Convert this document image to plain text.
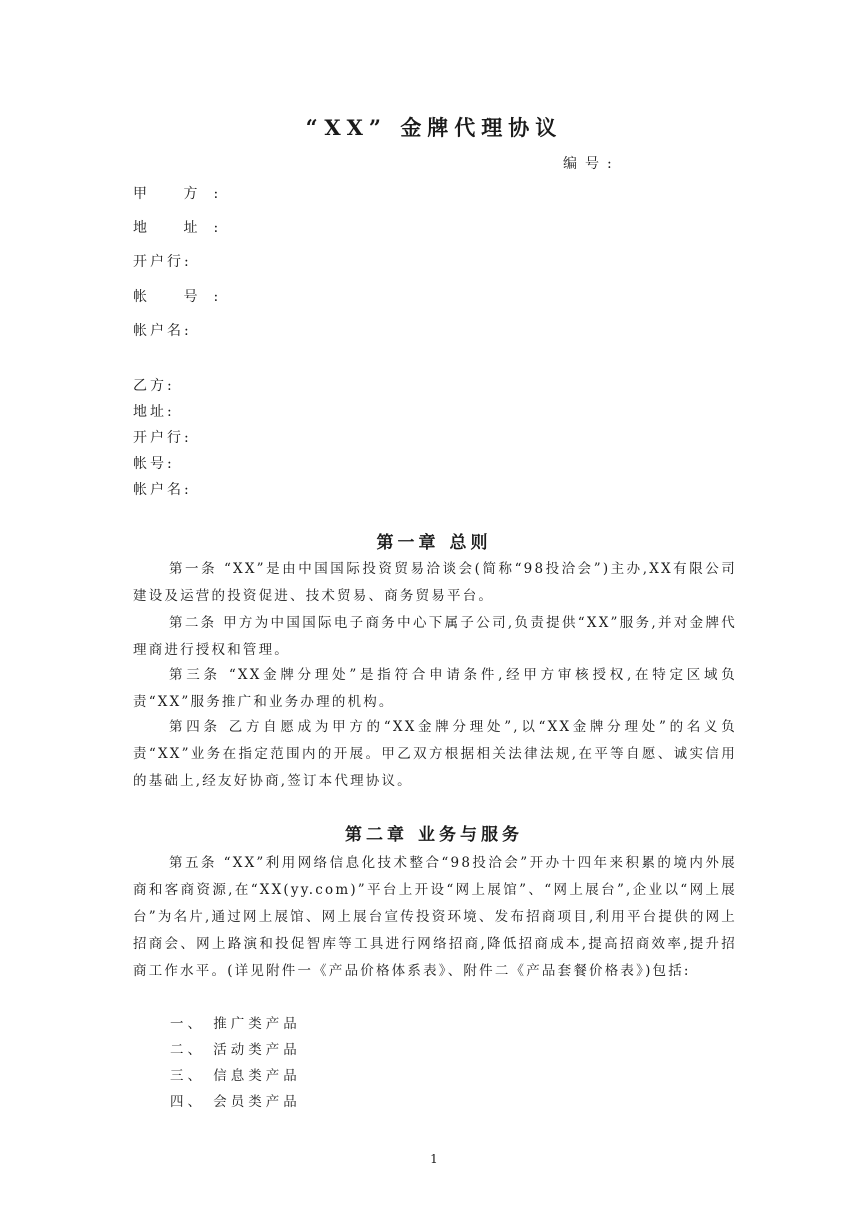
“XX” 金牌代理协议
编号:
甲 方:
地 址:
开户行:
帐 号:
帐户名:
乙方:
地址:
开户行:
帐号:
帐户名:
第一章 总则
第一条 “XX”是由中国国际投资贸易洽谈会(简称“98投洽会”)主办,XX有限公司建设及运营的投资促进、技术贸易、商务贸易平台。
第二条 甲方为中国国际电子商务中心下属子公司,负责提供“XX”服务,并对金牌代理商进行授权和管理。
第三条 “XX金牌分理处”是指符合申请条件,经甲方审核授权,在特定区域负责“XX”服务推广和业务办理的机构。
第四条 乙方自愿成为甲方的“XX金牌分理处”,以“XX金牌分理处”的名义负责“XX”业务在指定范围内的开展。甲乙双方根据相关法律法规,在平等自愿、诚实信用的基础上,经友好协商,签订本代理协议。
第二章 业务与服务
第五条 “XX”利用网络信息化技术整合“98投洽会”开办十四年来积累的境内外展商和客商资源,在“XX(yy.com)”平台上开设“网上展馆”、“网上展台”,企业以“网上展台”为名片,通过网上展馆、网上展台宣传投资环境、发布招商项目,利用平台提供的网上招商会、网上路演和投促智库等工具进行网络招商,降低招商成本,提高招商效率,提升招商工作水平。(详见附件一《产品价格体系表》、附件二《产品套餐价格表》)包括:
一、 推广类产品
二、 活动类产品
三、 信息类产品
四、 会员类产品
1
